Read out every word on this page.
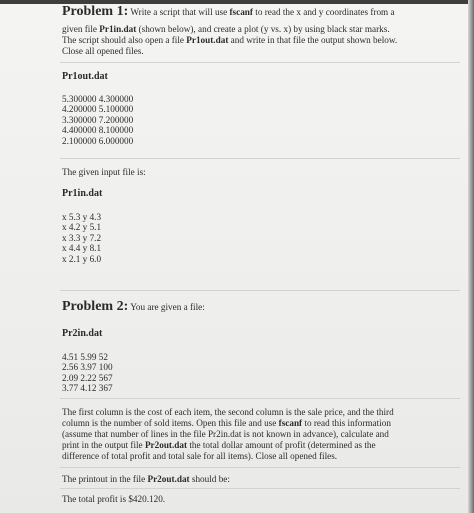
Problem 1: Write a script that will use fscanf to read the x and y coordinates from a
given file Pr1in.dat (shown below), and create a plot (y vs. x) by using black star marks.
The script should also open a file Pr1out.dat and write in that file the output shown below.
Close all opened files.
Pr1out.dat
5.300000 4.300000
4.200000 5.100000
3.300000 7.200000
4.400000 8.100000
2.100000 6.000000
The given input file is:
Pr1in.dat
x 5.3 y 4.3
x 4.2 y 5.1
x 3.3 y 7.2
x 4.4 y 8.1
x 2.1 y 6.0
Problem 2: You are given a file:
Pr2in.dat
4.51 5.99 52
2.56 3.97 100
2.09 2.22 567
3.77 4.12 367
The first column is the cost of each item, the second column is the sale price, and the third
column is the number of sold items. Open this file and use fscanf to read this information
(assume that number of lines in the file Pr2in.dat is not known in advance), calculate and
print in the output file Pr2out.dat the total dollar amount of profit (determined as the
difference of total profit and total sale for all items). Close all opened files.
The printout in the file Pr2out.dat should be:
The total profit is $420.120.
